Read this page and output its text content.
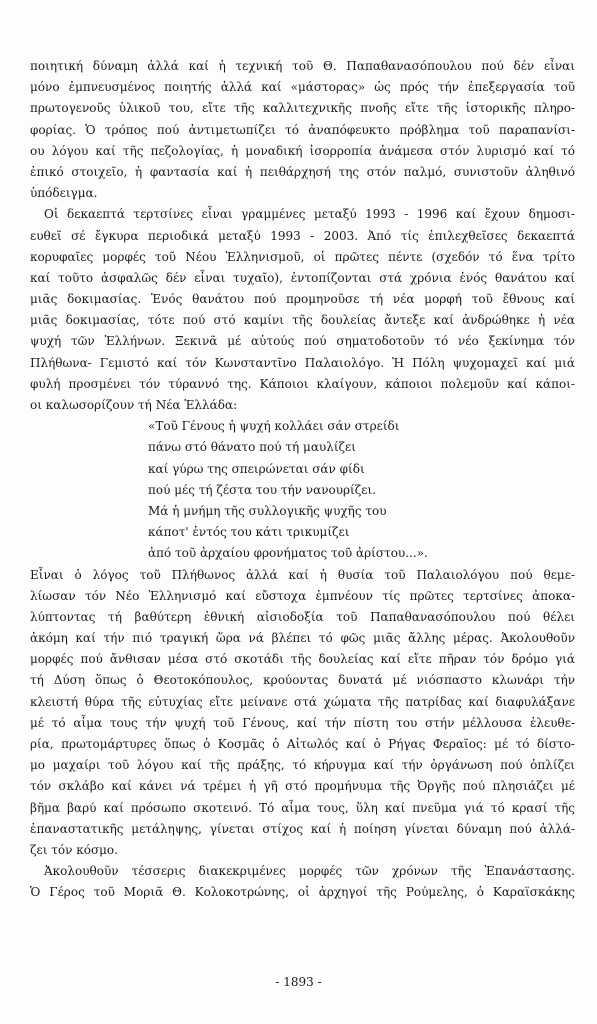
ποιητική δύναμη ἀλλά καί ἡ τεχνική τοῦ Θ. Παπαθανασόπουλου πού δέν εἶναι
μόνο ἐμπνευσμένος ποιητής ἀλλά καί «μάστορας» ὡς πρός τήν ἐπεξεργασία τοῦ
πρωτογενοῦς ὑλικοῦ του, εἴτε τῆς καλλιτεχνικῆς πνοῆς εἴτε τῆς ἱστορικῆς πληρο-
φορίας. Ὁ τρόπος πού ἀντιμετωπίζει τό ἀναπόφευκτο πρόβλημα τοῦ παραπανίσι-
ου λόγου καί τῆς πεζολογίας, ἡ μοναδική ἰσορροπία ἀνάμεσα στόν λυρισμό καί τό
ἐπικό στοιχεῖο, ἡ φαντασία καί ἡ πειθάρχησή της στόν παλμό, συνιστοῦν ἀληθινό
ὑπόδειγμα.

Οἱ δεκαεπτά τερτσίνες εἶναι γραμμένες μεταξύ 1993 - 1996 καί ἔχουν δημοσι-
ευθεῖ σέ ἔγκυρα περιοδικά μεταξύ 1993 - 2003. Ἀπό τίς ἐπιλεχθεῖσες δεκαεπτά
κορυφαῖες μορφές τοῦ Νέου Ἑλληνισμοῦ, οἱ πρῶτες πέντε (σχεδόν τό ἕνα τρίτο
καί τοῦτο ἀσφαλῶς δέν εἶναι τυχαῖο), ἐντοπίζονται στά χρόνια ἑνός θανάτου καί
μιᾶς δοκιμασίας. Ἑνός θανάτου πού προμηνοῦσε τή νέα μορφή τοῦ ἔθνους καί
μιᾶς δοκιμασίας, τότε πού στό καμίνι τῆς δουλείας ἄντεξε καί ἀνδρώθηκε ἡ νέα
ψυχή τῶν Ἑλλήνων. Ξεκινᾶ μέ αὐτούς πού σηματοδοτοῦν τό νέο ξεκίνημα τόν
Πλήθωνα- Γεμιστό καί τόν Κωνσταντῖνο Παλαιολόγο. Ἡ Πόλη ψυχομαχεῖ καί μιά
φυλή προσμένει τόν τύραννό της. Κάποιοι κλαίγουν, κάποιοι πολεμοῦν καί κάποι-
οι καλωσορίζουν τή Νέα Ἑλλάδα:

«Τοῦ Γένους ἡ ψυχή κολλάει σάν στρείδι
πάνω στό θάνατο πού τή μαυλίζει
καί γύρω της σπειρώνεται σάν φίδι
πού μές τή ζέστα του τήν νανουρίζει.
Μά ἡ μνήμη τῆς συλλογικῆς ψυχῆς του
κάποτ' ἐντός του κάτι τρικυμίζει
ἀπό τοῦ ἀρχαίου φρονήματος τοῦ ἀρίστου...».

Εἶναι ὁ λόγος τοῦ Πλήθωνος ἀλλά καί ἡ θυσία τοῦ Παλαιολόγου πού θεμε-
λίωσαν τόν Νέο Ἑλληνισμό καί εὔστοχα ἐμπνέουν τίς πρῶτες τερτσίνες ἀποκα-
λύπτοντας τή βαθύτερη ἐθνική αἰσιοδοξία τοῦ Παπαθανασόπουλου πού θέλει
ἀκόμη καί τήν πιό τραγική ὥρα νά βλέπει τό φῶς μιᾶς ἄλλης μέρας. Ἀκολουθοῦν
μορφές πού ἄνθισαν μέσα στό σκοτάδι τῆς δουλείας καί εἴτε πῆραν τόν δρόμο γιά
τή Δύση ὅπως ὁ Θεοτοκόπουλος, κρούοντας δυνατά μέ νιόσπαστο κλωνάρι τήν
κλειστή θύρα τῆς εὐτυχίας εἴτε μείνανε στά χώματα τῆς πατρίδας καί διαφυλάξανε
μέ τό αἷμα τους τήν ψυχή τοῦ Γένους, καί τήν πίστη του στήν μέλλουσα ἐλευθε-
ρία, πρωτομάρτυρες ὅπως ὁ Κοσμᾶς ὁ Αἰτωλός καί ὁ Ρήγας Φεραῖος: μέ τό δίστο-
μο μαχαίρι τοῦ λόγου καί τῆς πράξης, τό κήρυγμα καί τήν ὀργάνωση πού ὁπλίζει
τόν σκλάβο καί κάνει νά τρέμει ἡ γῆ στό προμήνυμα τῆς Ὀργῆς πού πλησιάζει μέ
βῆμα βαρύ καί πρόσωπο σκοτεινό. Τό αἷμα τους, ὕλη καί πνεῦμα γιά τό κρασί τῆς
ἐπαναστατικῆς μετάληψης, γίνεται στίχος καί ἡ ποίηση γίνεται δύναμη πού ἀλλά-
ζει τόν κόσμο.

Ἀκολουθοῦν τέσσερις διακεκριμένες μορφές τῶν χρόνων τῆς Ἐπανάστασης.
Ὁ Γέρος τοῦ Μοριᾶ Θ. Κολοκοτρώνης, οἱ ἀρχηγοί τῆς Ρούμελης, ὁ Καραϊσκάκης

- 1893 -
